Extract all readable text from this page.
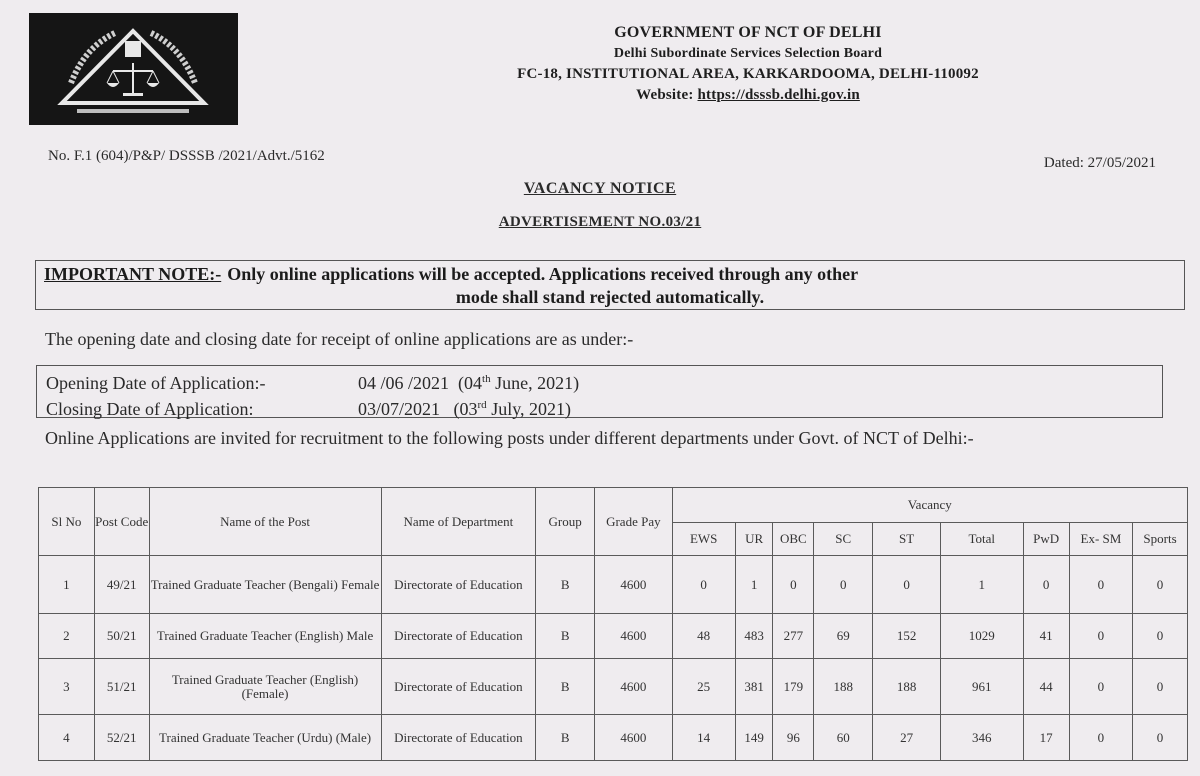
GOVERNMENT OF NCT OF DELHI
Delhi Subordinate Services Selection Board
FC-18, INSTITUTIONAL AREA, KARKARDOOMA, DELHI-110092
Website: https://dsssb.delhi.gov.in
No. F.1 (604)/P&P/ DSSSB /2021/Advt./5162	Dated: 27/05/2021
VACANCY NOTICE
ADVERTISEMENT NO.03/21
IMPORTANT NOTE:- Only online applications will be accepted. Applications received through any other
mode shall stand rejected automatically.
The opening date and closing date for receipt of online applications are as under:-
Opening Date of Application:-	04 /06 /2021 (04th June, 2021)
Closing Date of Application:	03/07/2021 (03rd July, 2021)
Online Applications are invited for recruitment to the following posts under different departments under Govt. of NCT of Delhi:-
Sl No	Post Code	Name of the Post	Name of Department	Group	Grade Pay	Vacancy								
						EWS	UR	OBC	SC	ST	Total	PwD	Ex- SM	Sports
1	49/21	Trained Graduate Teacher (Bengali) Female	Directorate of Education	B	4600	0	1	0	0	0	1	0	0	0
2	50/21	Trained Graduate Teacher (English) Male	Directorate of Education	B	4600	48	483	277	69	152	1029	41	0	0
3	51/21	Trained Graduate Teacher (English) (Female)	Directorate of Education	B	4600	25	381	179	188	188	961	44	0	0
4	52/21	Trained Graduate Teacher (Urdu) (Male)	Directorate of Education	B	4600	14	149	96	60	27	346	17	0	0
